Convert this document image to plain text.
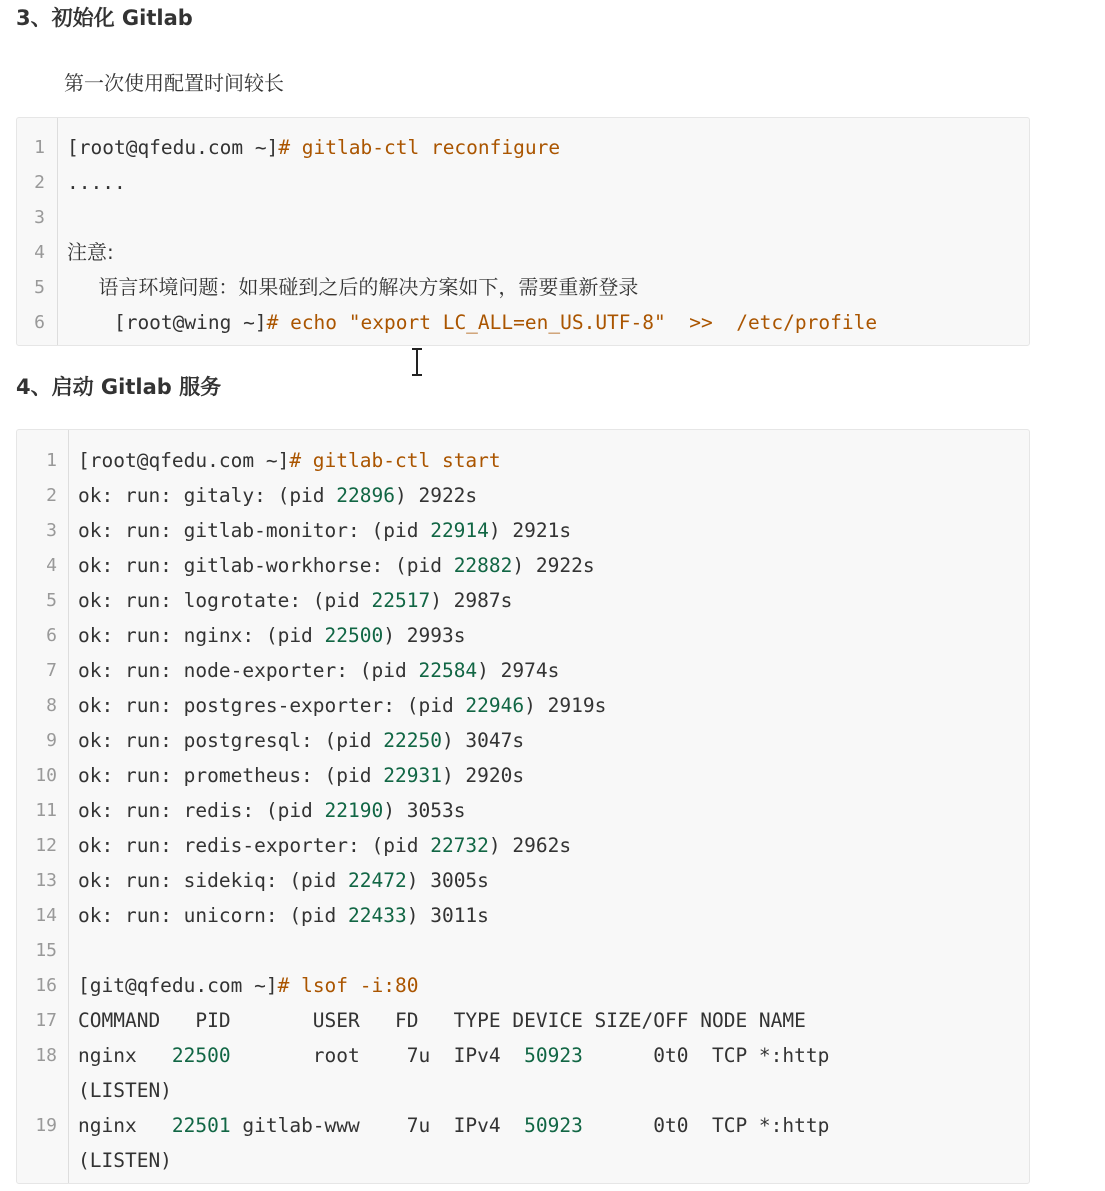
3、初始化 Gitlab

第一次使用配置时间较长

1 [root@qfedu.com ~]# gitlab-ctl reconfigure
2 .....
3
4 注意:
5 语言环境问题：如果碰到之后的解决方案如下，需要重新登录
6 [root@wing ~]# echo "export LC_ALL=en_US.UTF-8"  >>  /etc/profile
4、启动 Gitlab 服务
1 [root@qfedu.com ~]# gitlab-ctl start
2 ok: run: gitaly: (pid 22896) 2922s
3 ok: run: gitlab-monitor: (pid 22914) 2921s
4 ok: run: gitlab-workhorse: (pid 22882) 2922s
5 ok: run: logrotate: (pid 22517) 2987s
6 ok: run: nginx: (pid 22500) 2993s
7 ok: run: node-exporter: (pid 22584) 2974s
8 ok: run: postgres-exporter: (pid 22946) 2919s
9 ok: run: postgresql: (pid 22250) 3047s
10 ok: run: prometheus: (pid 22931) 2920s
11 ok: run: redis: (pid 22190) 3053s
12 ok: run: redis-exporter: (pid 22732) 2962s
13 ok: run: sidekiq: (pid 22472) 3005s
14 ok: run: unicorn: (pid 22433) 3011s
15
16 [git@qfedu.com ~]# lsof -i:80
17 COMMAND   PID       USER   FD   TYPE DEVICE SIZE/OFF NODE NAME
18 nginx   22500       root    7u  IPv4  50923      0t0  TCP *:http
(LISTEN)
19 nginx   22501 gitlab-www    7u  IPv4  50923      0t0  TCP *:http
(LISTEN)
